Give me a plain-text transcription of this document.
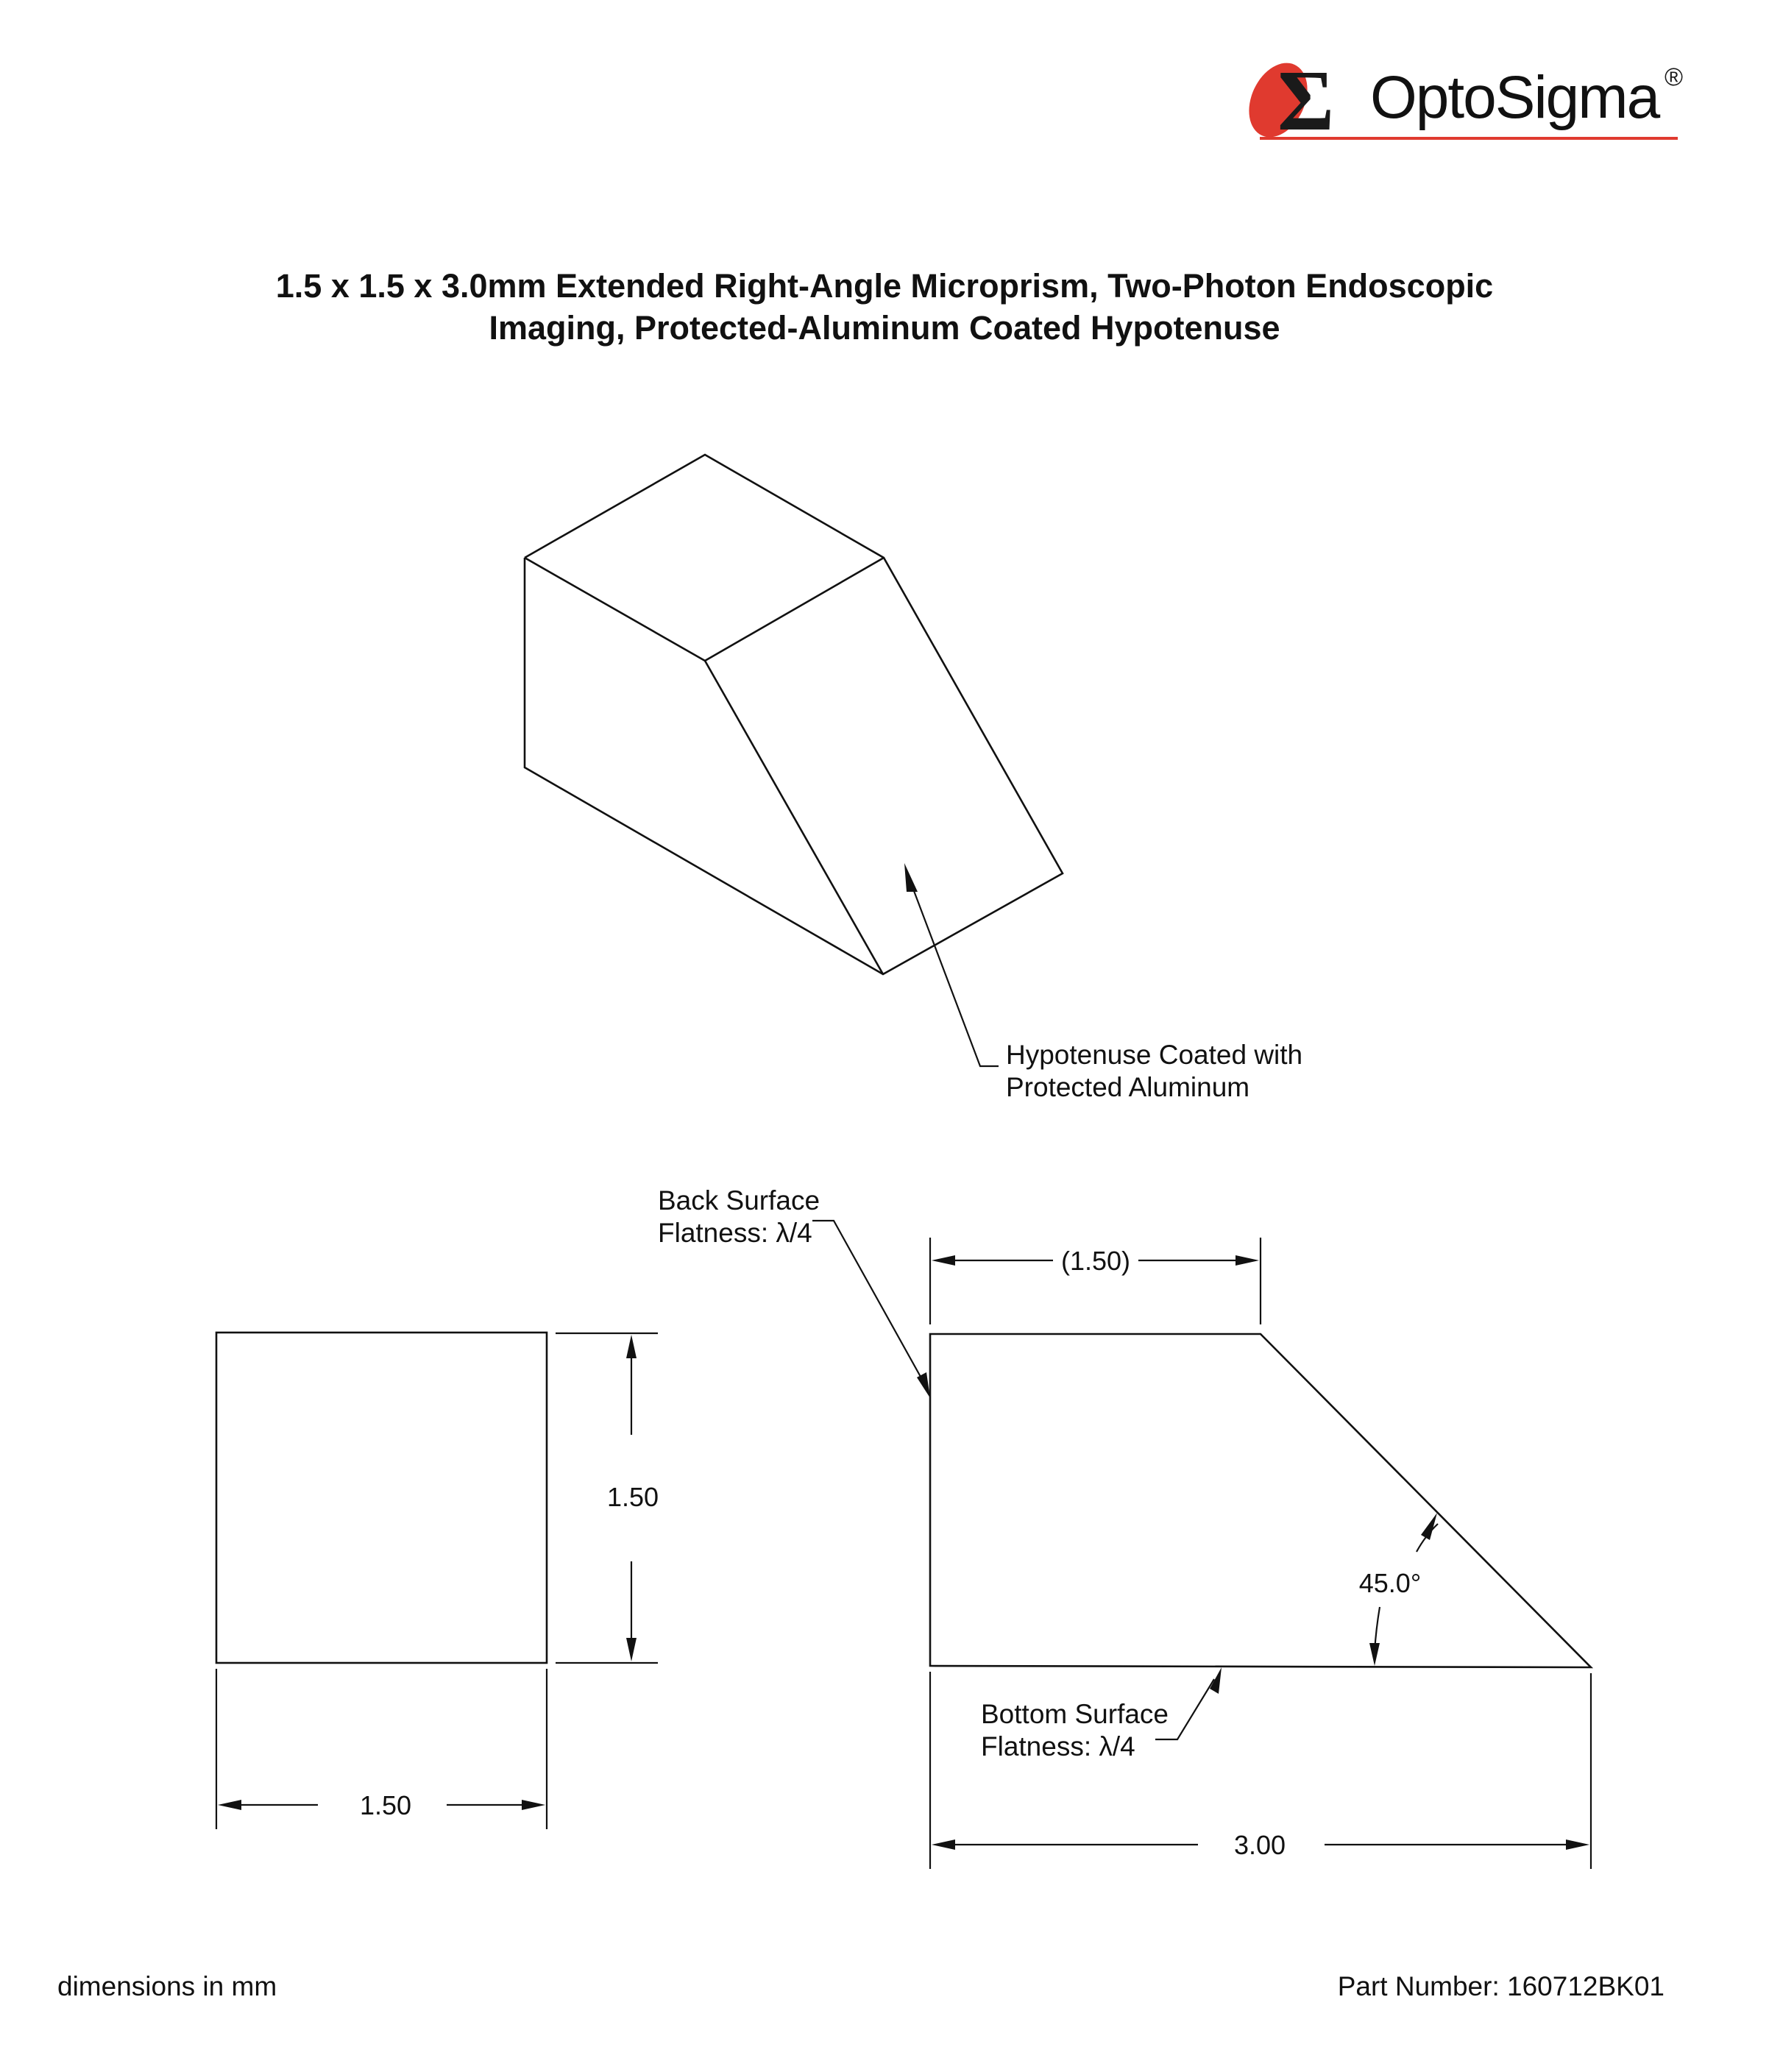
Σ OptoSigma ®
1.5 x 1.5 x 3.0mm Extended Right-Angle Microprism, Two-Photon Endoscopic
Imaging, Protected-Aluminum Coated Hypotenuse
Hypotenuse Coated with
Protected Aluminum
1.50
1.50
Back Surface
Flatness: λ/4
(1.50)
45.0°
Bottom Surface
Flatness: λ/4
3.00
dimensions in mm	Part Number: 160712BK01
